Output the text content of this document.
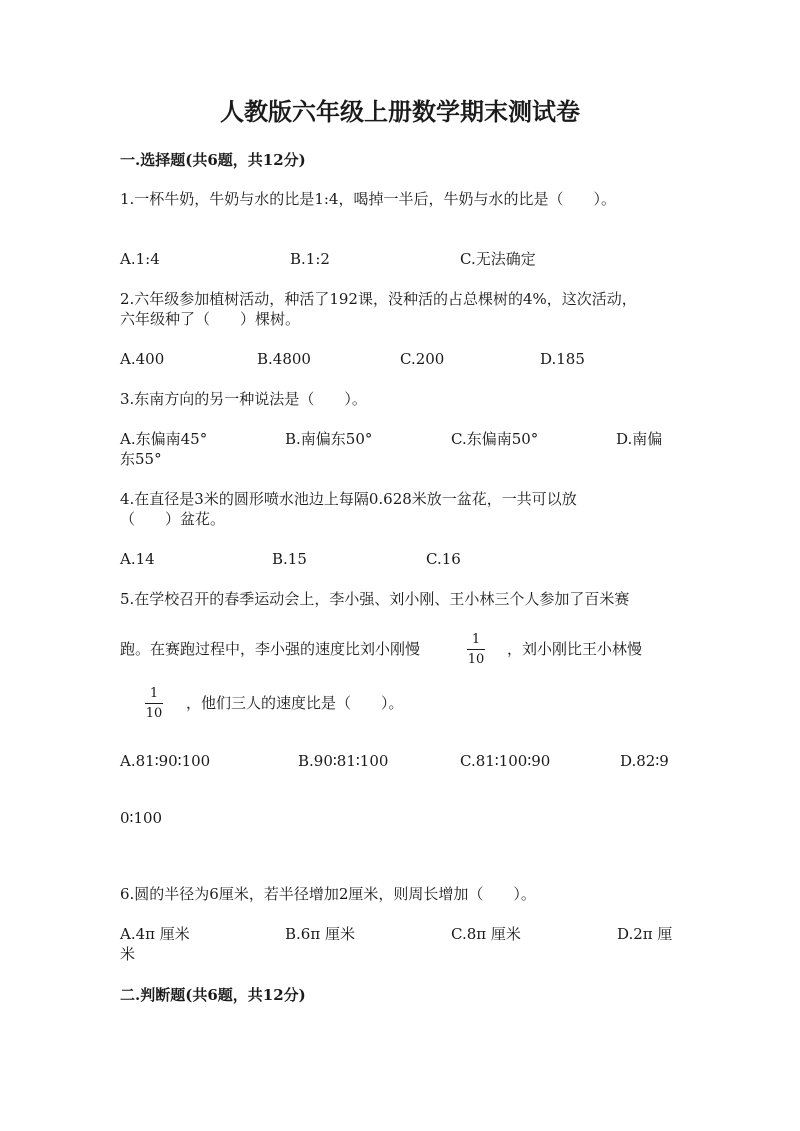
人教版六年级上册数学期末测试卷
一.选择题(共6题，共12分)
1.一杯牛奶，牛奶与水的比是1:4，喝掉一半后，牛奶与水的比是（　　）。
A.1:4	B.1:2	C.无法确定
2.六年级参加植树活动，种活了192课，没种活的占总棵树的4%，这次活动，
六年级种了（　　）棵树。
A.400	B.4800	C.200	D.185
3.东南方向的另一种说法是（　　）。
A.东偏南45°	B.南偏东50°	C.东偏南50°	D.南偏
东55°
4.在直径是3米的圆形喷水池边上每隔0.628米放一盆花，一共可以放
（　　）盆花。
A.14	B.15	C.16
5.在学校召开的春季运动会上，李小强、刘小刚、王小林三个人参加了百米赛
跑。在赛跑过程中，李小强的速度比刘小刚慢
1
10
，刘小刚比王小林慢
1
10
，他们三人的速度比是（　　）。
A.81∶90∶100	B.90∶81∶100	C.81∶100∶90	D.82∶9
0∶100
6.圆的半径为6厘米，若半径增加2厘米，则周长增加（　　）。
A.4π 厘米	B.6π 厘米	C.8π 厘米	D.2π 厘
米
二.判断题(共6题，共12分)
